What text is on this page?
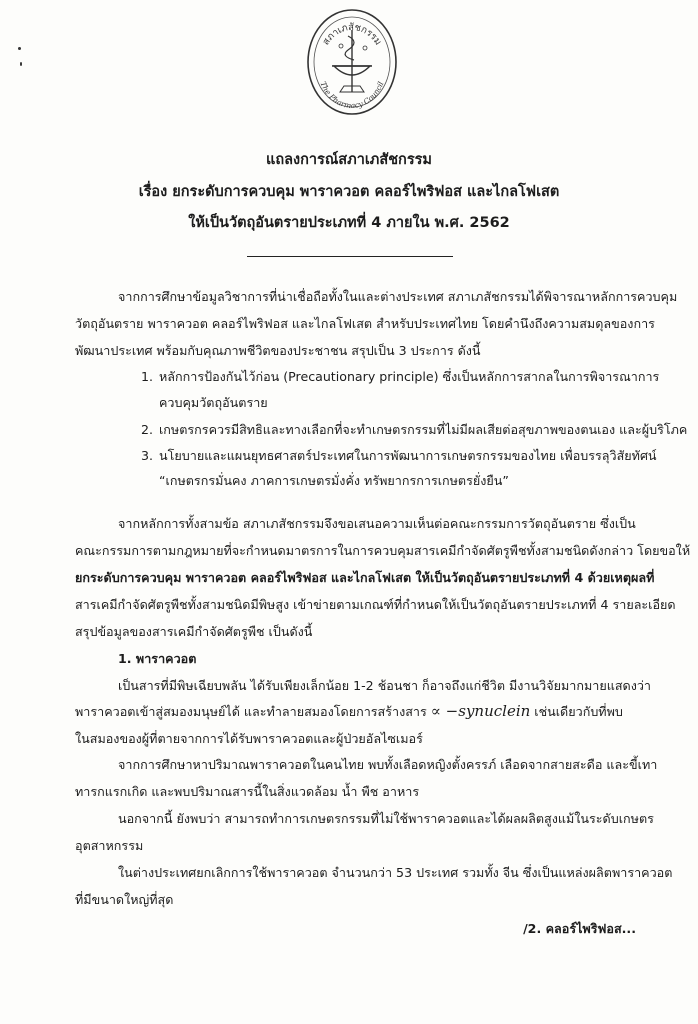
สภาเภสัชกรรม
The Pharmacy Council
แถลงการณ์สภาเภสัชกรรม
เรื่อง ยกระดับการควบคุม พาราควอต คลอร์ไพริฟอส และไกลโฟเสต
ให้เป็นวัตถุอันตรายประเภทที่ 4 ภายใน พ.ศ. 2562
จากการศึกษาข้อมูลวิชาการที่น่าเชื่อถือทั้งในและต่างประเทศ สภาเภสัชกรรมได้พิจารณาหลักการควบคุม
วัตถุอันตราย พาราควอต คลอร์ไพริฟอส และไกลโฟเสต สำหรับประเทศไทย โดยคำนึงถึงความสมดุลของการ
พัฒนาประเทศ พร้อมกับคุณภาพชีวิตของประชาชน สรุปเป็น 3 ประการ ดังนี้
1. หลักการป้องกันไว้ก่อน (Precautionary principle) ซึ่งเป็นหลักการสากลในการพิจารณาการ
ควบคุมวัตถุอันตราย
2. เกษตรกรควรมีสิทธิและทางเลือกที่จะทำเกษตรกรรมที่ไม่มีผลเสียต่อสุขภาพของตนเอง และผู้บริโภค
3. นโยบายและแผนยุทธศาสตร์ประเทศในการพัฒนาการเกษตรกรรมของไทย เพื่อบรรลุวิสัยทัศน์
“เกษตรกรมั่นคง ภาคการเกษตรมั่งคั่ง ทรัพยากรการเกษตรยั่งยืน”
จากหลักการทั้งสามข้อ สภาเภสัชกรรมจึงขอเสนอความเห็นต่อคณะกรรมการวัตถุอันตราย ซึ่งเป็น
คณะกรรมการตามกฎหมายที่จะกำหนดมาตรการในการควบคุมสารเคมีกำจัดศัตรูพืชทั้งสามชนิดดังกล่าว โดยขอให้
ยกระดับการควบคุม พาราควอต คลอร์ไพริฟอส และไกลโฟเสต ให้เป็นวัตถุอันตรายประเภทที่ 4 ด้วยเหตุผลที่
สารเคมีกำจัดศัตรูพืชทั้งสามชนิดมีพิษสูง เข้าข่ายตามเกณฑ์ที่กำหนดให้เป็นวัตถุอันตรายประเภทที่ 4 รายละเอียด
สรุปข้อมูลของสารเคมีกำจัดศัตรูพืช เป็นดังนี้
1. พาราควอต
เป็นสารที่มีพิษเฉียบพลัน ได้รับเพียงเล็กน้อย 1-2 ช้อนชา ก็อาจถึงแก่ชีวิต มีงานวิจัยมากมายแสดงว่า
พาราควอตเข้าสู่สมองมนุษย์ได้ และทำลายสมองโดยการสร้างสาร ∝ −synuclein เช่นเดียวกับที่พบ
ในสมองของผู้ที่ตายจากการได้รับพาราควอตและผู้ป่วยอัลไซเมอร์
จากการศึกษาหาปริมาณพาราควอตในคนไทย พบทั้งเลือดหญิงตั้งครรภ์ เลือดจากสายสะดือ และขี้เทา
ทารกแรกเกิด และพบปริมาณสารนี้ในสิ่งแวดล้อม น้ำ พืช อาหาร
นอกจากนี้ ยังพบว่า สามารถทำการเกษตรกรรมที่ไม่ใช้พาราควอตและได้ผลผลิตสูงแม้ในระดับเกษตร
อุตสาหกรรม
ในต่างประเทศยกเลิกการใช้พาราควอต จำนวนกว่า 53 ประเทศ รวมทั้ง จีน ซึ่งเป็นแหล่งผลิตพาราควอต
ที่มีขนาดใหญ่ที่สุด
/2. คลอร์ไพริฟอส...
